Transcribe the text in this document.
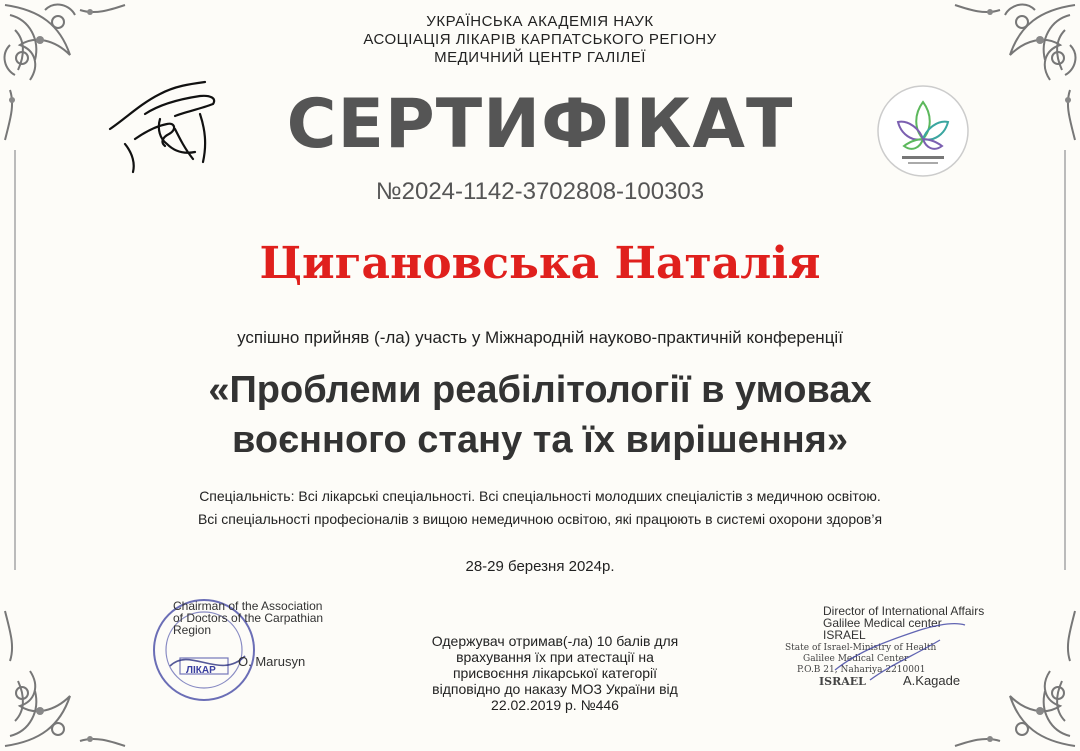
УКРАЇНСЬКА АКАДЕМІЯ НАУК
АСОЦІАЦІЯ ЛІКАРІВ КАРПАТСЬКОГО РЕГІОНУ
МЕДИЧНИЙ ЦЕНТР ГАЛІЛЕЇ
СЕРТИФІКАТ
№2024-1142-3702808-100303
Цигановська Наталія
успішно прийняв (-ла) участь у Міжнародній науково-практичній конференції
«Проблеми реабілітології в умовах
воєнного стану та їх вирішення»
Спеціальність: Всі лікарські спеціальності. Всі спеціальності молодших спеціалістів з медичною освітою.
Всі спеціальності професіоналів з вищою немедичною освітою, які працюють в системі охорони здоров’я
28-29 березня 2024р.
Chairman of the Association
of Doctors of the Carpathian
Region
ЛІКАР
O. Marusyn
Одержувач отримав(-ла) 10 балів для
врахування їх при атестації на
присвоєння лікарської категорії
відповідно до наказу МОЗ України від
22.02.2019 р. №446
Director of International Affairs
Galilee Medical center
ISRAEL
State of Israel-Ministry of Health
Galilee Medical Center
P.O.B 21, Nahariya 2210001
ISRAEL	A.Kagade
